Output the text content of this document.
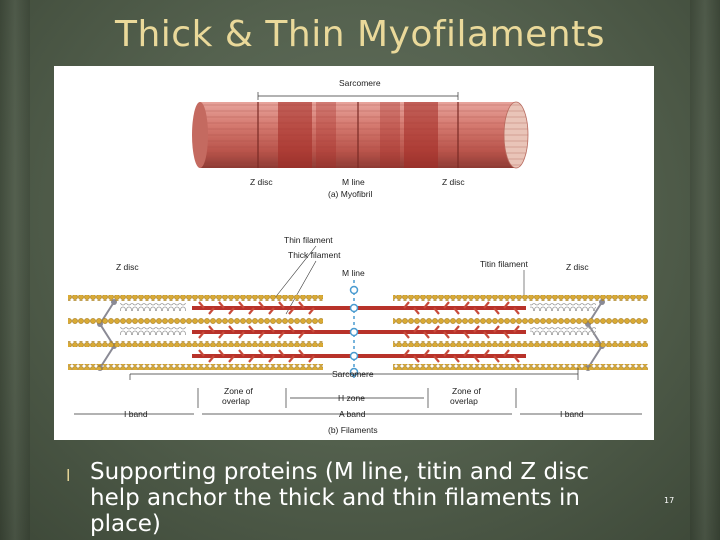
Thick & Thin Myofilaments
Sarcomere
Z disc	M line	Z disc
(a) Myofibril
Thin filament
Thick filament
M line
Titin filament
Z disc	Z disc
Sarcomere
Zone of
overlap	H zone
Zone of
overlap
I band	A band	I band
(b) Filaments
l Supporting proteins (M line, titin and Z disc help anchor the thick and thin filaments in place)
17
